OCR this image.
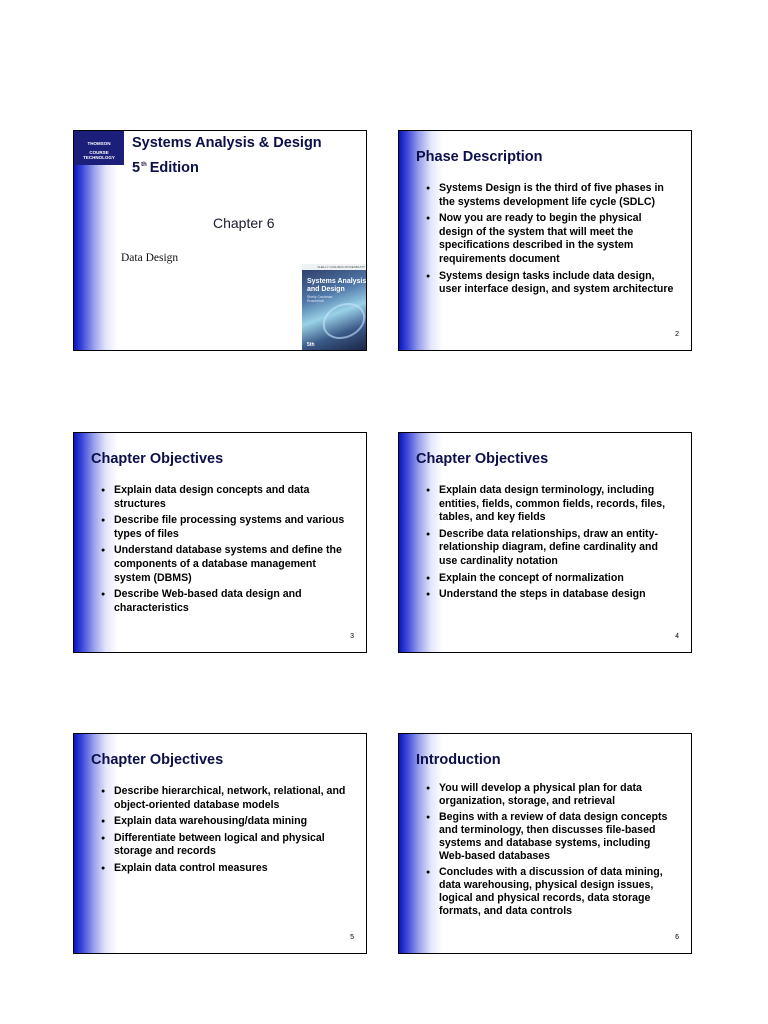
THOMSON
COURSE TECHNOLOGY
Systems Analysis & Design
5th Edition
Chapter 6
Data Design
SHELLY CASHMAN ROSENBLATT
Systems Analysis and Design
Shelly Cashman Rosenblatt
5th
Phase Description
● Systems Design is the third of five phases in the systems development life cycle (SDLC)
● Now you are ready to begin the physical design of the system that will meet the specifications described in the system requirements document
● Systems design tasks include data design, user interface design, and system architecture
2
Chapter Objectives
● Explain data design concepts and data structures
● Describe file processing systems and various types of files
● Understand database systems and define the components of a database management system (DBMS)
● Describe Web-based data design and characteristics
3
Chapter Objectives
● Explain data design terminology, including entities, fields, common fields, records, files, tables, and key fields
● Describe data relationships, draw an entity-relationship diagram, define cardinality and use cardinality notation
● Explain the concept of normalization
● Understand the steps in database design
4
Chapter Objectives
● Describe hierarchical, network, relational, and object-oriented database models
● Explain data warehousing/data mining
● Differentiate between logical and physical storage and records
● Explain data control measures
5
Introduction
● You will develop a physical plan for data organization, storage, and retrieval
● Begins with a review of data design concepts and terminology, then discusses file-based systems and database systems, including Web-based databases
● Concludes with a discussion of data mining, data warehousing, physical design issues, logical and physical records, data storage formats, and data controls
6
